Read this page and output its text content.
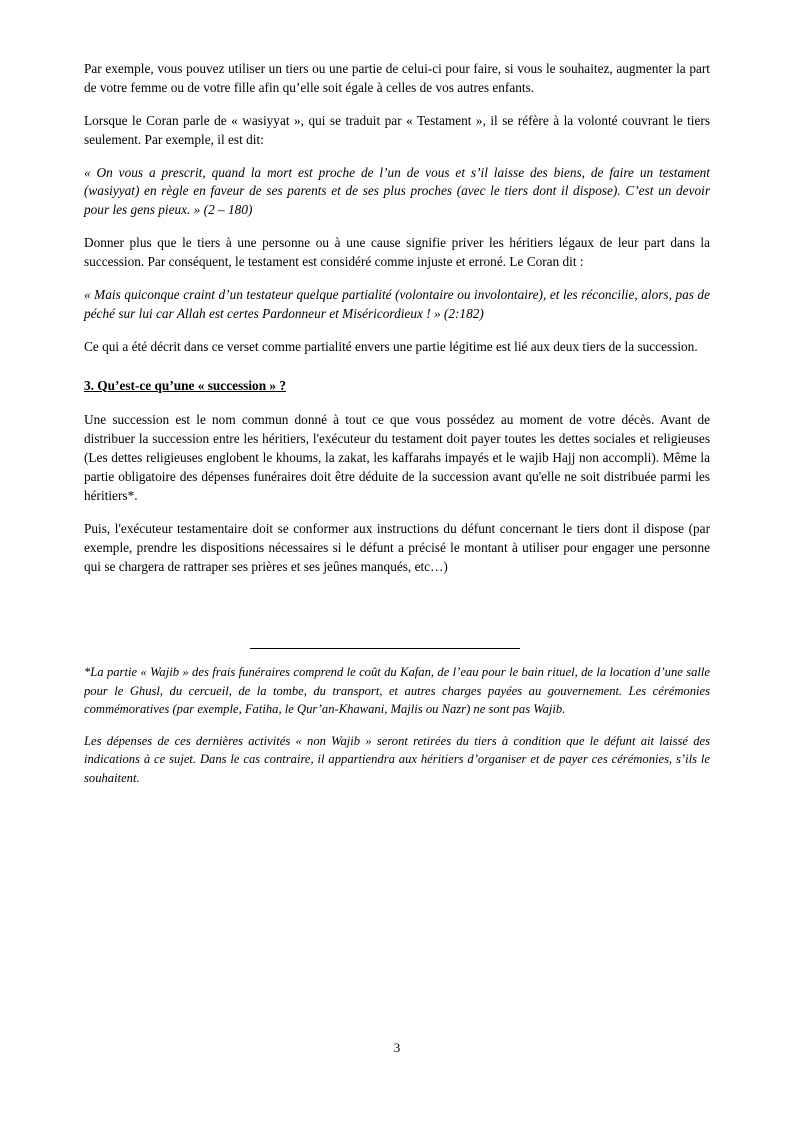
Par exemple, vous pouvez utiliser un tiers ou une partie de celui-ci pour faire, si vous le souhaitez, augmenter la part de votre femme ou de votre fille afin qu’elle soit égale à celles de vos autres enfants.

Lorsque le Coran parle de « wasiyyat », qui se traduit par « Testament », il se réfère à la volonté couvrant le tiers seulement. Par exemple, il est dit:

« On vous a prescrit, quand la mort est proche de l’un de vous et s’il laisse des biens, de faire un testament (wasiyyat) en règle en faveur de ses parents et de ses plus proches (avec le tiers dont il dispose). C’est un devoir pour les gens pieux. » (2 – 180)

Donner plus que le tiers à une personne ou à une cause signifie priver les héritiers légaux de leur part dans la succession. Par conséquent, le testament est considéré comme injuste et erroné. Le Coran dit :

« Mais quiconque craint d’un testateur quelque partialité (volontaire ou involontaire), et les réconcilie, alors, pas de péché sur lui car Allah est certes Pardonneur et Miséricordieux ! » (2:182)

Ce qui a été décrit dans ce verset comme partialité envers une partie légitime est lié aux deux tiers de la succession.

3. Qu’est-ce qu’une « succession » ?

Une succession est le nom commun donné à tout ce que vous possédez au moment de votre décès. Avant de distribuer la succession entre les héritiers, l'exécuteur du testament doit payer toutes les dettes sociales et religieuses (Les dettes religieuses englobent le khoums, la zakat, les kaffarahs impayés et le wajib Hajj non accompli). Même la partie obligatoire des dépenses funéraires doit être déduite de la succession avant qu'elle ne soit distribuée parmi les héritiers*.

Puis, l'exécuteur testamentaire doit se conformer aux instructions du défunt concernant le tiers dont il dispose (par exemple, prendre les dispositions nécessaires si le défunt a précisé le montant à utiliser pour engager une personne qui se chargera de rattraper ses prières et ses jeûnes manqués, etc…)

*La partie « Wajib » des frais funéraires comprend le coût du Kafan, de l’eau pour le bain rituel, de la location d’une salle pour le Ghusl, du cercueil, de la tombe, du transport, et autres charges payées au gouvernement. Les cérémonies commémoratives (par exemple, Fatiha, le Qur’an-Khawani, Majlis ou Nazr) ne sont pas Wajib.

Les dépenses de ces dernières activités « non Wajib » seront retirées du tiers à condition que le défunt ait laissé des indications à ce sujet. Dans le cas contraire, il appartiendra aux héritiers d’organiser et de payer ces cérémonies, s’ils le souhaitent.

3
